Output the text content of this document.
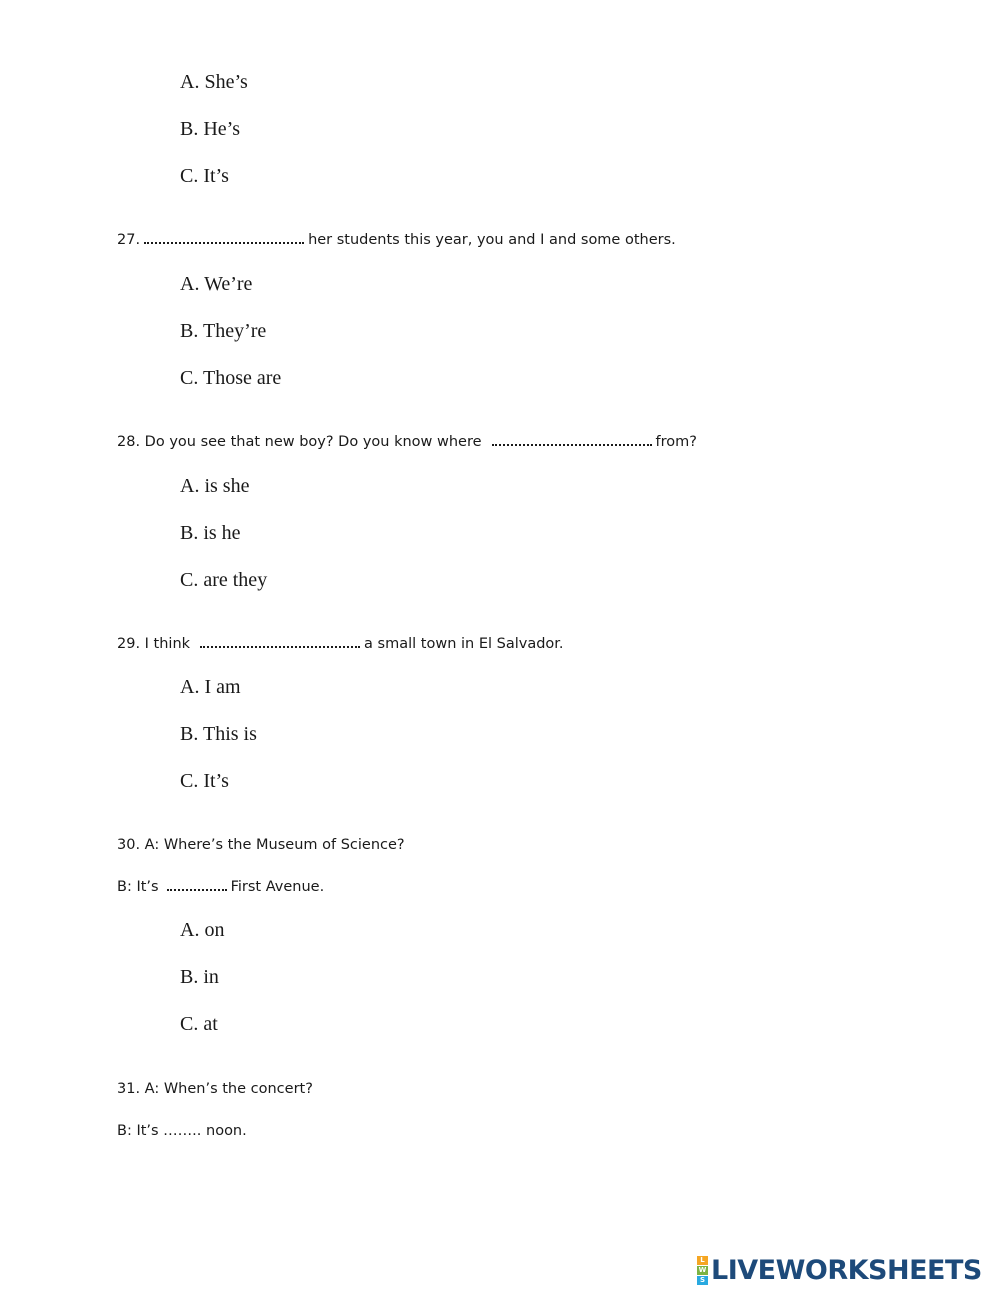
A. She’s
B. He’s
C. It’s
27.	her students this year, you and I and some others.
A. We’re
B. They’re
C. Those are
28. Do you see that new boy? Do you know where	from?
A. is she
B. is he
C. are they
29. I think	a small town in El Salvador.
A. I am
B. This is
C. It’s
30. A: Where’s the Museum of Science?
B: It’s	First Avenue.
A. on
B. in
C. at
31. A: When’s the concert?
B: It’s …….. noon.
L
W
S LIVEWORKSHEETS
